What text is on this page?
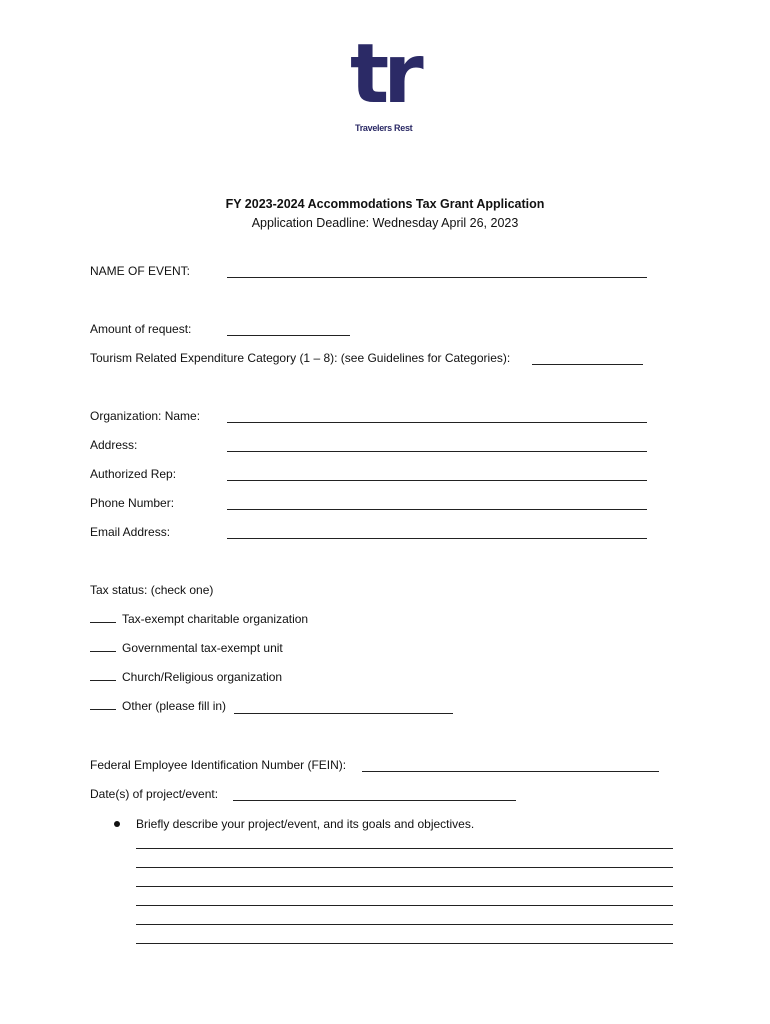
tr
Travelers Rest
FY 2023-2024 Accommodations Tax Grant Application
Application Deadline: Wednesday April 26, 2023
NAME OF EVENT:
Amount of request:
Tourism Related Expenditure Category (1 – 8): (see Guidelines for Categories):
Organization: Name:
Address:
Authorized Rep:
Phone Number:
Email Address:
Tax status: (check one)
Tax-exempt charitable organization
Governmental tax-exempt unit
Church/Religious organization
Other (please fill in)
Federal Employee Identification Number (FEIN):
Date(s) of project/event:
Briefly describe your project/event, and its goals and objectives.
